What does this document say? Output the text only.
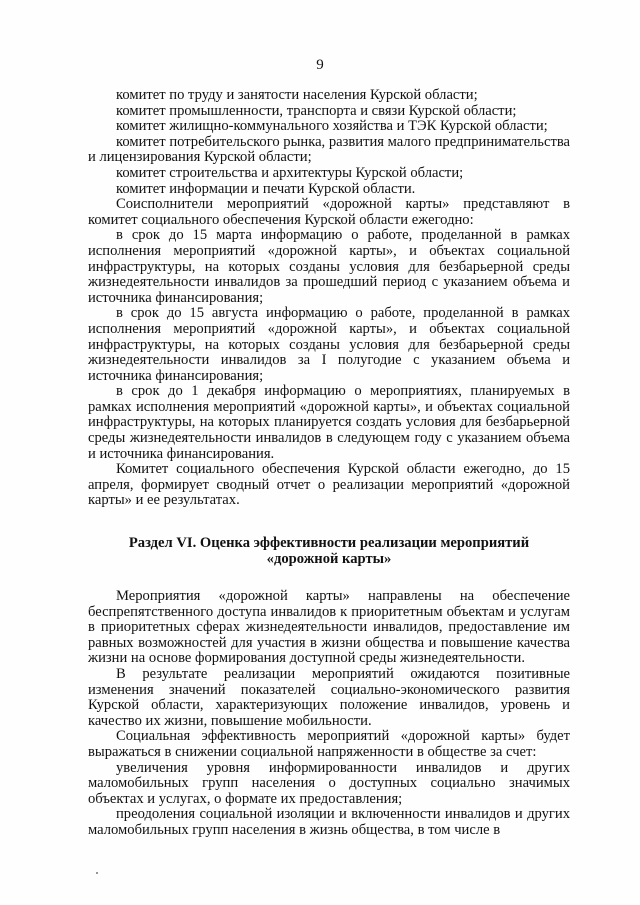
9

комитет по труду и занятости населения Курской области;

комитет промышленности, транспорта и связи Курской области;

комитет жилищно-коммунального хозяйства и ТЭК Курской области;

комитет потребительского рынка, развития малого предпринимательства и лицензирования Курской области;

комитет строительства и архитектуры Курской области;

комитет информации и печати Курской области.

Соисполнители мероприятий «дорожной карты» представляют в комитет социального обеспечения Курской области ежегодно:

в срок до 15 марта информацию о работе, проделанной в рамках исполнения мероприятий «дорожной карты», и объектах социальной инфраструктуры, на которых созданы условия для безбарьерной среды жизнедеятельности инвалидов за прошедший период с указанием объема и источника финансирования;

в срок до 15 августа информацию о работе, проделанной в рамках исполнения мероприятий «дорожной карты», и объектах социальной инфраструктуры, на которых созданы условия для безбарьерной среды жизнедеятельности инвалидов за I полугодие с указанием объема и источника финансирования;

в срок до 1 декабря информацию о мероприятиях, планируемых в рамках исполнения мероприятий «дорожной карты», и объектах социальной инфраструктуры, на которых планируется создать условия для безбарьерной среды жизнедеятельности инвалидов в следующем году с указанием объема и источника финансирования.

Комитет социального обеспечения Курской области ежегодно, до 15 апреля, формирует сводный отчет о реализации мероприятий «дорожной карты» и ее результатах.

Раздел VI. Оценка эффективности реализации мероприятий
«дорожной карты»

Мероприятия «дорожной карты» направлены на обеспечение беспрепятственного доступа инвалидов к приоритетным объектам и услугам в приоритетных сферах жизнедеятельности инвалидов, предоставление им равных возможностей для участия в жизни общества и повышение качества жизни на основе формирования доступной среды жизнедеятельности.

В результате реализации мероприятий ожидаются позитивные изменения значений показателей социально-экономического развития Курской области, характеризующих положение инвалидов, уровень и качество их жизни, повышение мобильности.

Социальная эффективность мероприятий «дорожной карты» будет выражаться в снижении социальной напряженности в обществе за счет:

увеличения уровня информированности инвалидов и других маломобильных групп населения о доступных социально значимых объектах и услугах, о формате их предоставления;

преодоления социальной изоляции и включенности инвалидов и других маломобильных групп населения в жизнь общества, в том числе в
